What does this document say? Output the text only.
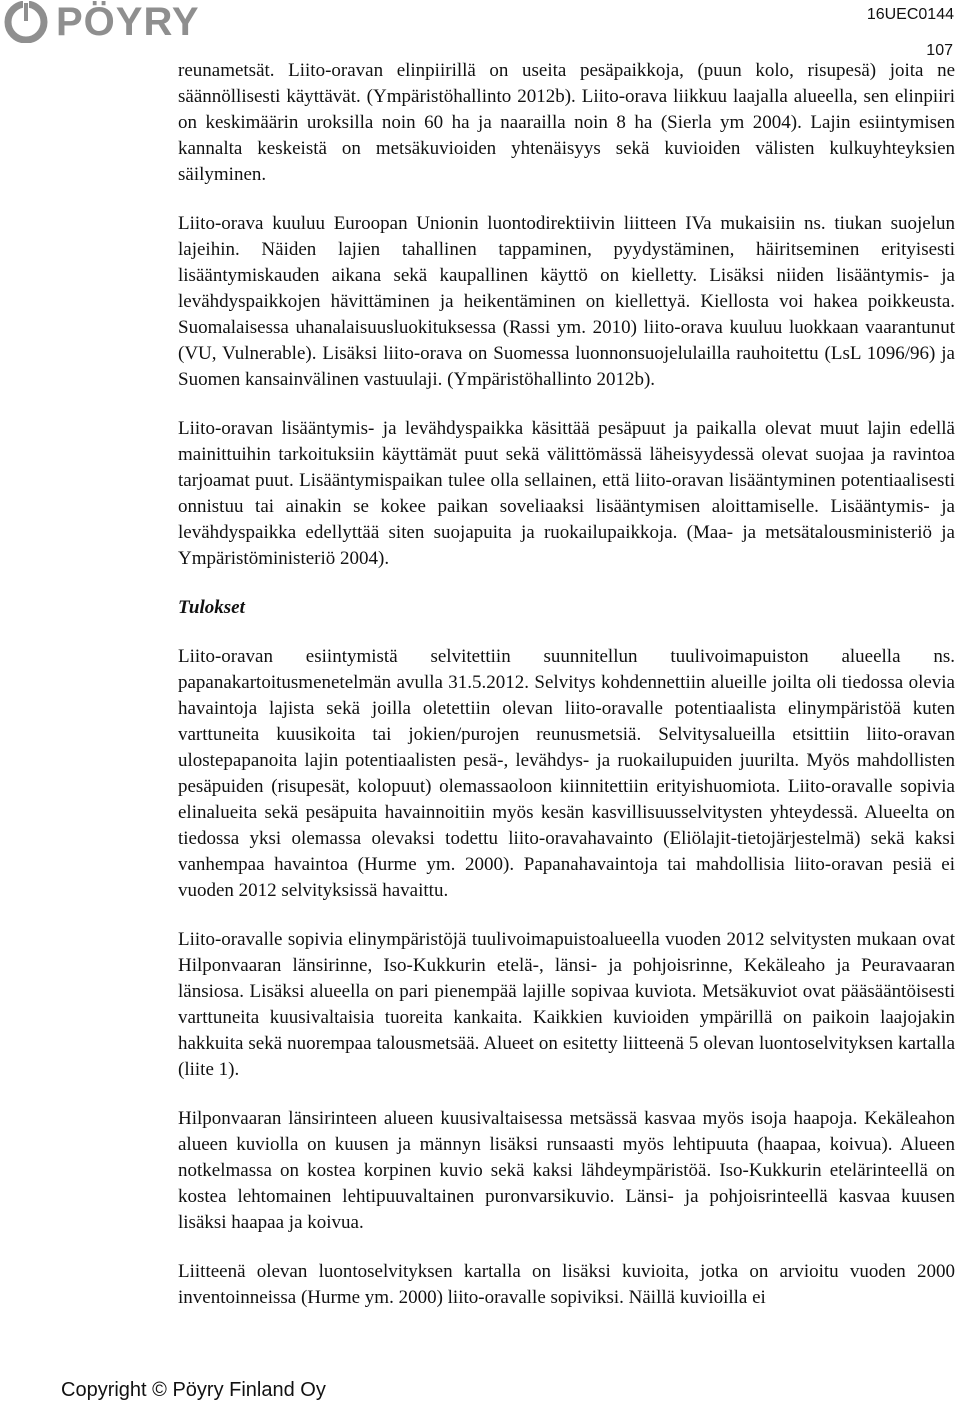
PÖYRY	16UEC0144
107

reunametsät. Liito-oravan elinpiirillä on useita pesäpaikkoja, (puun kolo, risupesä) joita ne säännöllisesti käyttävät. (Ympäristöhallinto 2012b). Liito-orava liikkuu laajalla alueella, sen elinpiiri on keskimäärin uroksilla noin 60 ha ja naarailla noin 8 ha (Sierla ym 2004). Lajin esiintymisen kannalta keskeistä on metsäkuvioiden yhtenäisyys sekä kuvioiden välisten kulkuyhteyksien säilyminen.

Liito-orava kuuluu Euroopan Unionin luontodirektiivin liitteen IVa mukaisiin ns. tiukan suojelun lajeihin. Näiden lajien tahallinen tappaminen, pyydystäminen, häiritseminen erityisesti lisääntymiskauden aikana sekä kaupallinen käyttö on kielletty. Lisäksi niiden lisääntymis- ja levähdyspaikkojen hävittäminen ja heikentäminen on kiellettyä. Kiellosta voi hakea poikkeusta. Suomalaisessa uhanalaisuusluokituksessa (Rassi ym. 2010) liito-orava kuuluu luokkaan vaarantunut (VU, Vulnerable). Lisäksi liito-orava on Suomessa luonnonsuojelulailla rauhoitettu (LsL 1096/96) ja Suomen kansainvälinen vastuulaji. (Ympäristöhallinto 2012b).

Liito-oravan lisääntymis- ja levähdyspaikka käsittää pesäpuut ja paikalla olevat muut lajin edellä mainittuihin tarkoituksiin käyttämät puut sekä välittömässä läheisyydessä olevat suojaa ja ravintoa tarjoamat puut. Lisääntymispaikan tulee olla sellainen, että liito-oravan lisääntyminen potentiaalisesti onnistuu tai ainakin se kokee paikan soveliaaksi lisääntymisen aloittamiselle. Lisääntymis- ja levähdyspaikka edellyttää siten suojapuita ja ruokailupaikkoja. (Maa- ja metsätalousministeriö ja Ympäristöministeriö 2004).

Tulokset

Liito-oravan esiintymistä selvitettiin suunnitellun tuulivoimapuiston alueella ns. papanakartoitusmenetelmän avulla 31.5.2012. Selvitys kohdennettiin alueille joilta oli tiedossa olevia havaintoja lajista sekä joilla oletettiin olevan liito-oravalle potentiaalista elinympäristöä kuten varttuneita kuusikoita tai jokien/purojen reunusmetsiä. Selvitysalueilla etsittiin liito-oravan ulostepapanoita lajin potentiaalisten pesä-, levähdys- ja ruokailupuiden juurilta. Myös mahdollisten pesäpuiden (risupesät, kolopuut) olemassaoloon kiinnitettiin erityishuomiota. Liito-oravalle sopivia elinalueita sekä pesäpuita havainnoitiin myös kesän kasvillisuusselvitysten yhteydessä. Alueelta on tiedossa yksi olemassa olevaksi todettu liito-oravahavainto (Eliölajit-tietojärjestelmä) sekä kaksi vanhempaa havaintoa (Hurme ym. 2000). Papanahavaintoja tai mahdollisia liito-oravan pesiä ei vuoden 2012 selvityksissä havaittu.

Liito-oravalle sopivia elinympäristöjä tuulivoimapuistoalueella vuoden 2012 selvitysten mukaan ovat Hilponvaaran länsirinne, Iso-Kukkurin etelä-, länsi- ja pohjoisrinne, Kekäleaho ja Peuravaaran länsiosa. Lisäksi alueella on pari pienempää lajille sopivaa kuviota. Metsäkuviot ovat pääsääntöisesti varttuneita kuusivaltaisia tuoreita kankaita. Kaikkien kuvioiden ympärillä on paikoin laajojakin hakkuita sekä nuorempaa talousmetsää. Alueet on esitetty liitteenä 5 olevan luontoselvityksen kartalla (liite 1).

Hilponvaaran länsirinteen alueen kuusivaltaisessa metsässä kasvaa myös isoja haapoja. Kekäleahon alueen kuviolla on kuusen ja männyn lisäksi runsaasti myös lehtipuuta (haapaa, koivua). Alueen notkelmassa on kostea korpinen kuvio sekä kaksi lähdeympäristöä. Iso-Kukkurin etelärinteellä on kostea lehtomainen lehtipuuvaltainen puronvarsikuvio. Länsi- ja pohjoisrinteellä kasvaa kuusen lisäksi haapaa ja koivua.

Liitteenä olevan luontoselvityksen kartalla on lisäksi kuvioita, jotka on arvioitu vuoden 2000 inventoinneissa (Hurme ym. 2000) liito-oravalle sopiviksi. Näillä kuvioilla ei

Copyright © Pöyry Finland Oy
